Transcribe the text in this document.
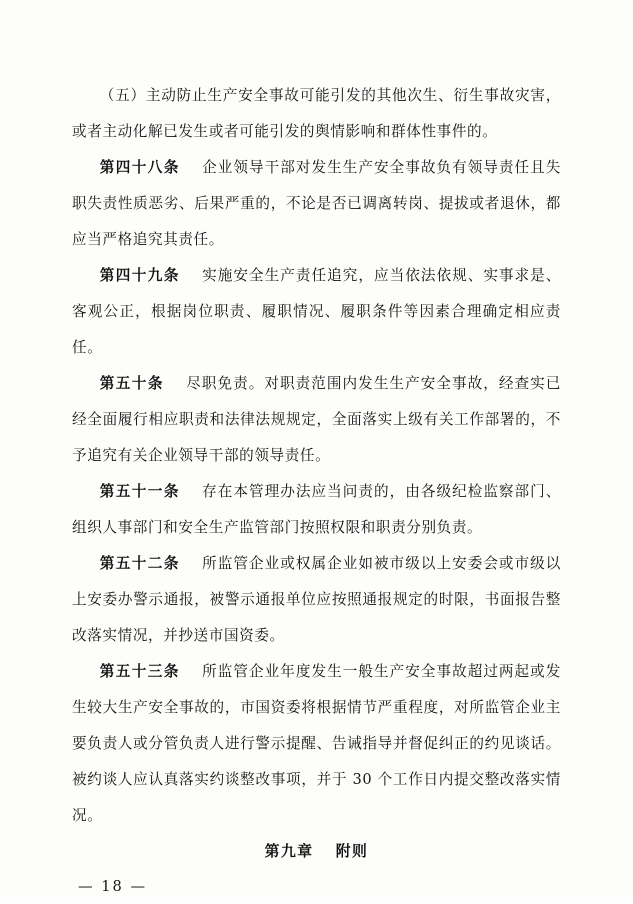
（五）主动防止生产安全事故可能引发的其他次生、衍生事故灾害，或者主动化解已发生或者可能引发的舆情影响和群体性事件的。

第四十八条 企业领导干部对发生生产安全事故负有领导责任且失职失责性质恶劣、后果严重的，不论是否已调离转岗、提拔或者退休，都应当严格追究其责任。

第四十九条 实施安全生产责任追究，应当依法依规、实事求是、客观公正，根据岗位职责、履职情况、履职条件等因素合理确定相应责任。

第五十条 尽职免责。对职责范围内发生生产安全事故，经查实已经全面履行相应职责和法律法规规定，全面落实上级有关工作部署的，不予追究有关企业领导干部的领导责任。

第五十一条 存在本管理办法应当问责的，由各级纪检监察部门、组织人事部门和安全生产监管部门按照权限和职责分别负责。

第五十二条 所监管企业或权属企业如被市级以上安委会或市级以上安委办警示通报，被警示通报单位应按照通报规定的时限，书面报告整改落实情况，并抄送市国资委。

第五十三条 所监管企业年度发生一般生产安全事故超过两起或发生较大生产安全事故的，市国资委将根据情节严重程度，对所监管企业主要负责人或分管负责人进行警示提醒、告诫指导并督促纠正的约见谈话。被约谈人应认真落实约谈整改事项，并于 30 个工作日内提交整改落实情况。

第九章 附则

— 18 —
